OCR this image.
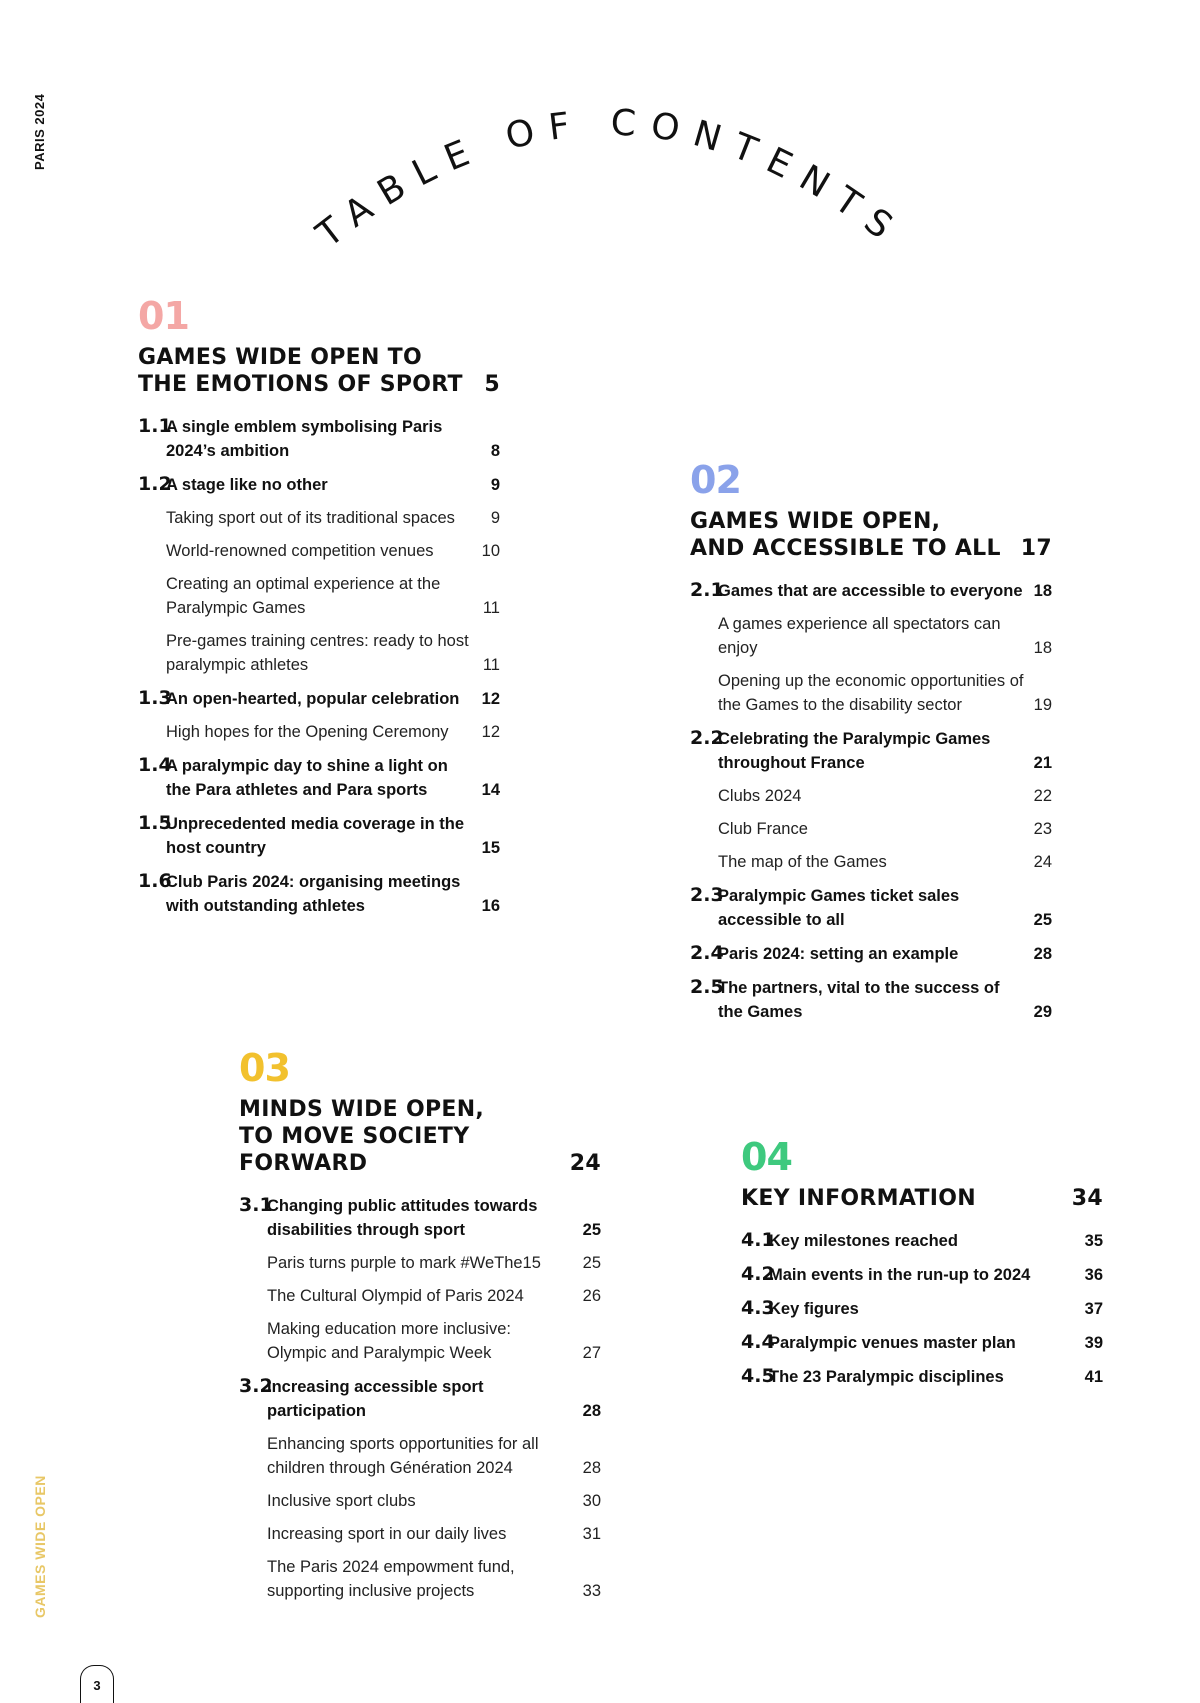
PARIS 2024
GAMES WIDE OPEN
3
TABLE OF CONTENTS
01
GAMES WIDE OPEN TO
THE EMOTIONS OF SPORT 5
1.1A single emblem symbolising Paris 2024’s ambition	8
1.2A stage like no other	9
Taking sport out of its traditional spaces	9
World-renowned competition venues	10
Creating an optimal experience at the Paralympic Games	11
Pre-games training centres: ready to host paralympic athletes	11
1.3An open-hearted, popular celebration	12
High hopes for the Opening Ceremony	12
1.4A paralympic day to shine a light on the Para athletes and Para sports	14
1.5Unprecedented media coverage in the host country	15
1.6Club Paris 2024: organising meetings with outstanding athletes	16
02
GAMES WIDE OPEN,
AND ACCESSIBLE TO ALL 17
2.1Games that are accessible to everyone 18
A games experience all spectators can enjoy	18
Opening up the economic opportunities of the Games to the disability sector	19
2.2Celebrating the Paralympic Games throughout France	21
Clubs 2024	22
Club France	23
The map of the Games	24
2.3Paralympic Games ticket sales accessible to all	25
2.4Paris 2024: setting an example	28
2.5The partners, vital to the success of the Games	29
03
MINDS WIDE OPEN,
TO MOVE SOCIETY
FORWARD	24
3.1Changing public attitudes towards disabilities through sport	25
Paris turns purple to mark #WeThe15	25
The Cultural Olympid of Paris 2024	26
Making education more inclusive: Olympic and Paralympic Week	27
3.2Increasing accessible sport participation	28
Enhancing sports opportunities for all children through Génération 2024	28
Inclusive sport clubs	30
Increasing sport in our daily lives	31
The Paris 2024 empowment fund, supporting inclusive projects	33
04
KEY INFORMATION	34
4.1Key milestones reached	35
4.2Main events in the run-up to 2024	36
4.3Key figures	37
4.4Paralympic venues master plan	39
4.5The 23 Paralympic disciplines	41
